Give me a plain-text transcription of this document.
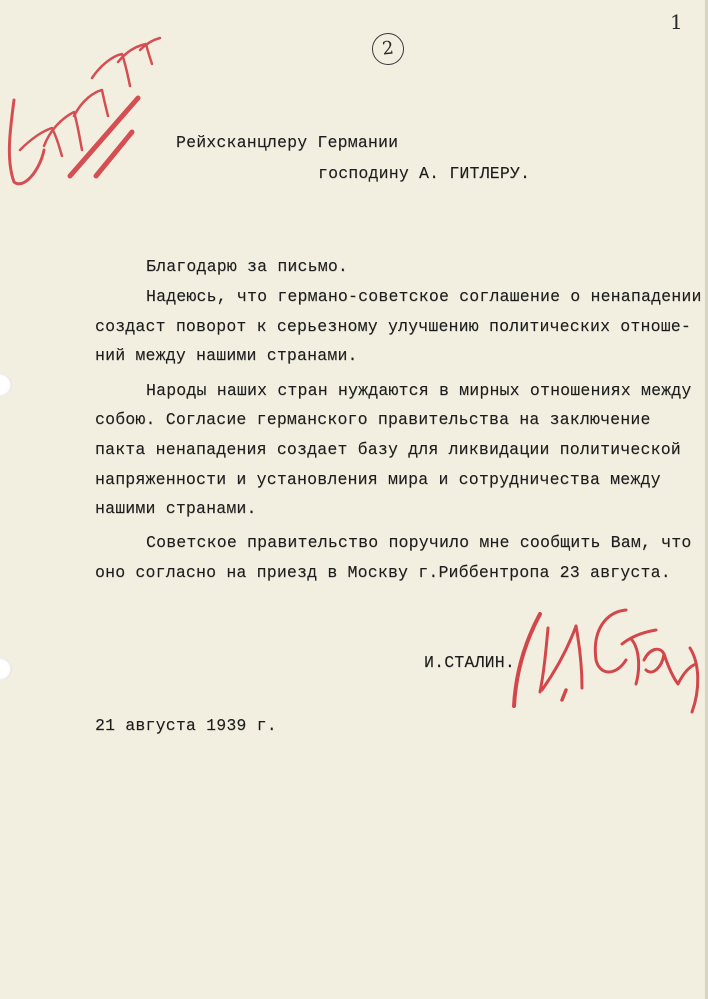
1
2
Рейхсканцлеру Германии
господину А. ГИТЛЕРУ.
Благодарю за письмо.
Надеюсь, что германо-советское соглашение о ненападении
создаст поворот к серьезному улучшению политических отноше-
ний между нашими странами.
Народы наших стран нуждаются в мирных отношениях между
собою. Согласие германского правительства на заключение
пакта ненападения создает базу для ликвидации политической
напряженности и установления мира и сотрудничества между
нашими странами.
Советское правительство поручило мне сообщить Вам, что
оно согласно на приезд в Москву г.Риббентропа 23 августа.
И.СТАЛИН.
21 августа 1939 г.
